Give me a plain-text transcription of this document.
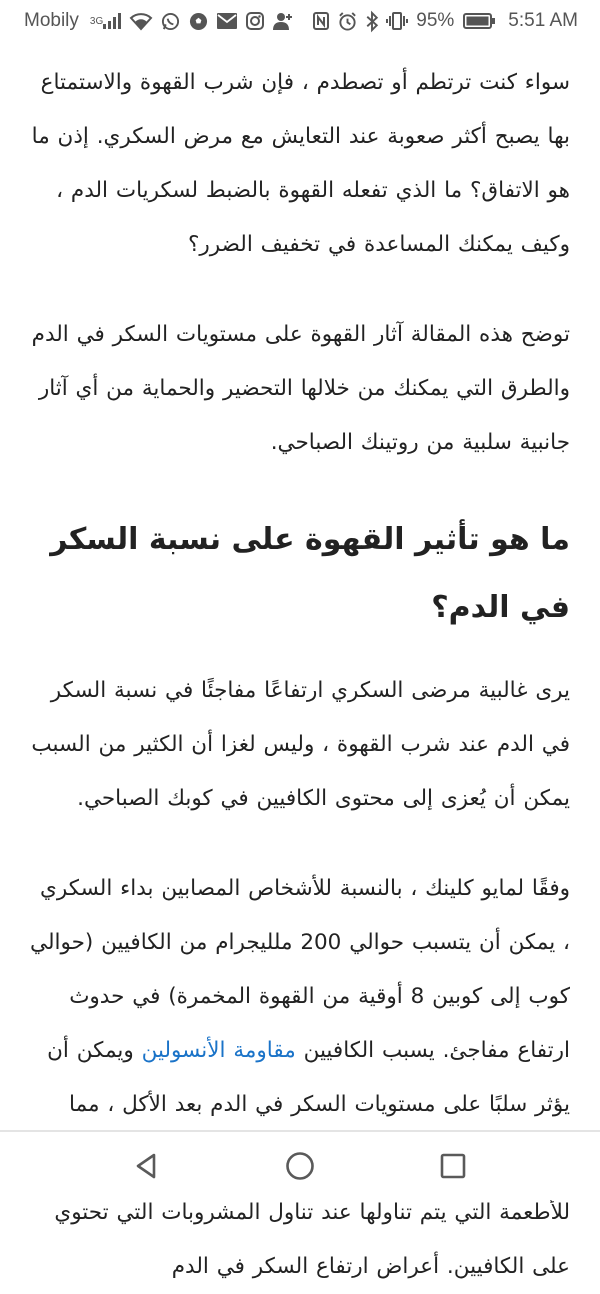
Mobily 3G	95%	5:51 AM

سواء كنت ترتطم أو تصطدم ، فإن شرب القهوة والاستمتاع بها يصبح أكثر صعوبة عند التعايش مع مرض السكري. إذن ما هو الاتفاق؟ ما الذي تفعله القهوة بالضبط لسكريات الدم ، وكيف يمكنك المساعدة في تخفيف الضرر؟

توضح هذه المقالة آثار القهوة على مستويات السكر في الدم والطرق التي يمكنك من خلالها التحضير والحماية من أي آثار جانبية سلبية من روتينك الصباحي.

ما هو تأثير القهوة على نسبة السكر في الدم؟

يرى غالبية مرضى السكري ارتفاعًا مفاجئًا في نسبة السكر في الدم عند شرب القهوة ، وليس لغزا أن الكثير من السبب يمكن أن يُعزى إلى محتوى الكافيين في كوبك الصباحي.

وفقًا لمايو كلينك ، بالنسبة للأشخاص المصابين بداء السكري ، يمكن أن يتسبب حوالي 200 ملليجرام من الكافيين (حوالي كوب إلى كوبين 8 أوقية من القهوة المخمرة) في حدوث ارتفاع مفاجئ. يسبب الكافيين مقاومة الأنسولين ويمكن أن يؤثر سلبًا على مستويات السكر في الدم بعد الأكل ، مما للأطعمة التي يتم تناولها عند تناول المشروبات التي تحتوي على الكافيين. أعراض ارتفاع السكر في الدم
